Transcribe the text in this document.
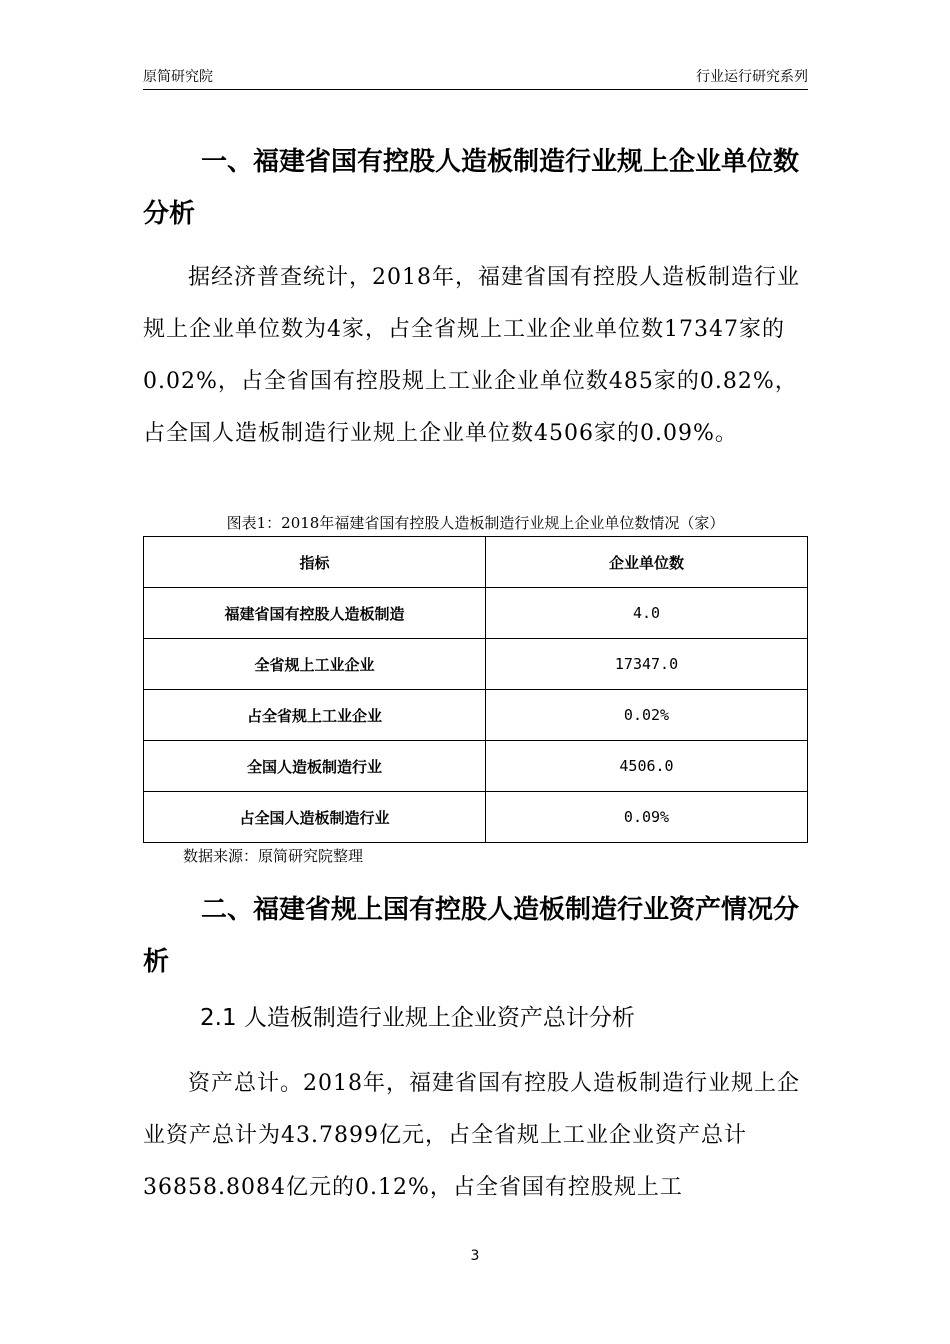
原简研究院	行业运行研究系列
一、福建省国有控股人造板制造行业规上企业单位数分析
据经济普查统计，2018年，福建省国有控股人造板制造行业规上企业单位数为4家，占全省规上工业企业单位数17347家的0.02%，占全省国有控股规上工业企业单位数485家的0.82%，占全国人造板制造行业规上企业单位数4506家的0.09%。
图表1：2018年福建省国有控股人造板制造行业规上企业单位数情况（家）
指标	企业单位数
福建省国有控股人造板制造	4.0
全省规上工业企业	17347.0
占全省规上工业企业	0.02%
全国人造板制造行业	4506.0
占全国人造板制造行业	0.09%
数据来源：原简研究院整理
二、福建省规上国有控股人造板制造行业资产情况分析
2.1 人造板制造行业规上企业资产总计分析
资产总计。2018年，福建省国有控股人造板制造行业规上企业资产总计为43.7899亿元，占全省规上工业企业资产总计36858.8084亿元的0.12%，占全省国有控股规上工
3
